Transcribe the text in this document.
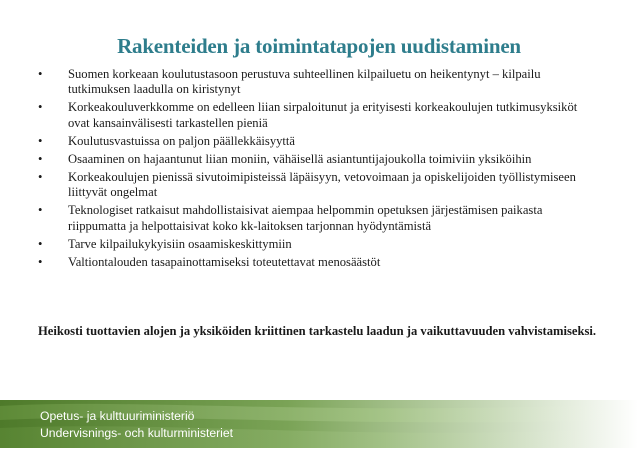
Rakenteiden ja toimintatapojen uudistaminen
• Suomen korkeaan koulutustasoon perustuva suhteellinen kilpailuetu on heikentynyt – kilpailu tutkimuksen laadulla on kiristynyt
• Korkeakouluverkkomme on edelleen liian sirpaloitunut ja erityisesti korkeakoulujen tutkimusyksiköt ovat kansainvälisesti tarkastellen pieniä
• Koulutusvastuissa on paljon päällekkäisyyttä
• Osaaminen on hajaantunut liian moniin, vähäisellä asiantuntijajoukolla toimiviin yksiköihin
• Korkeakoulujen pienissä sivutoimipisteissä läpäisyyn, vetovoimaan ja opiskelijoiden työllistymiseen liittyvät ongelmat
• Teknologiset ratkaisut mahdollistaisivat aiempaa helpommin opetuksen järjestämisen paikasta riippumatta ja helpottaisivat koko kk-laitoksen tarjonnan hyödyntämistä
• Tarve kilpailukykyisiin osaamiskeskittymiin
• Valtiontalouden tasapainottamiseksi toteutettavat menosäästöt
Heikosti tuottavien alojen ja yksiköiden kriittinen tarkastelu laadun ja vaikuttavuuden vahvistamiseksi.
Opetus- ja kulttuuriministeriö
Undervisnings- och kulturministeriet
